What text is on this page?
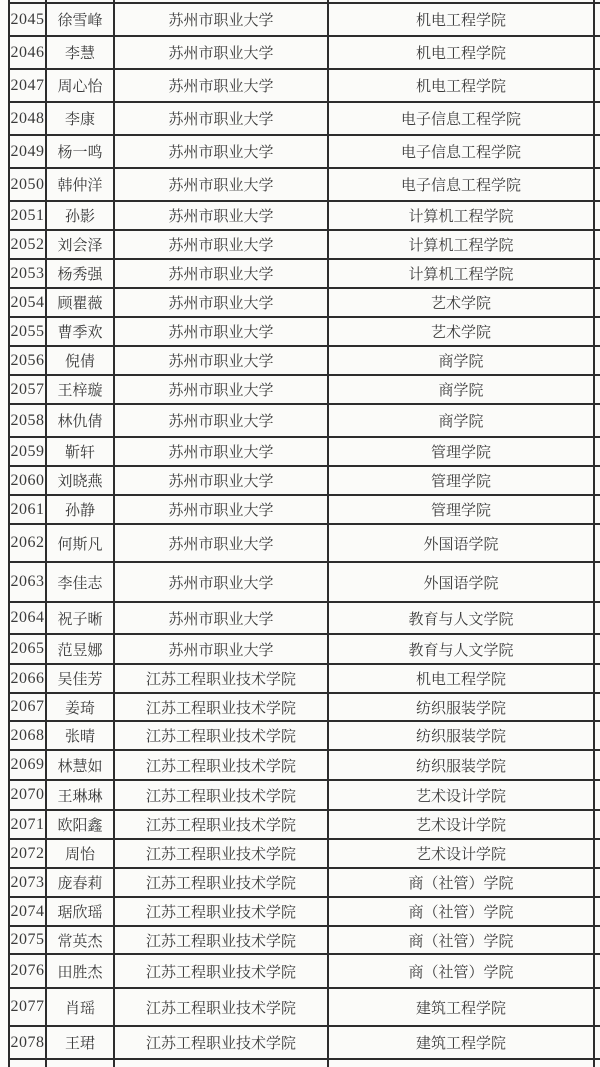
2045	徐雪峰	苏州市职业大学	机电工程学院	
2046	李慧	苏州市职业大学	机电工程学院	
2047	周心怡	苏州市职业大学	机电工程学院	
2048	李康	苏州市职业大学	电子信息工程学院	
2049	杨一鸣	苏州市职业大学	电子信息工程学院	
2050	韩仲洋	苏州市职业大学	电子信息工程学院	
2051	孙影	苏州市职业大学	计算机工程学院	
2052	刘会泽	苏州市职业大学	计算机工程学院	
2053	杨秀强	苏州市职业大学	计算机工程学院	
2054	顾瞿薇	苏州市职业大学	艺术学院	
2055	曹季欢	苏州市职业大学	艺术学院	
2056	倪倩	苏州市职业大学	商学院	
2057	王梓璇	苏州市职业大学	商学院	
2058	林仇倩	苏州市职业大学	商学院	
2059	靳轩	苏州市职业大学	管理学院	
2060	刘晓燕	苏州市职业大学	管理学院	
2061	孙静	苏州市职业大学	管理学院	
2062	何斯凡	苏州市职业大学	外国语学院	
2063	李佳志	苏州市职业大学	外国语学院	
2064	祝子晰	苏州市职业大学	教育与人文学院	
2065	范昱娜	苏州市职业大学	教育与人文学院	
2066	吴佳芳	江苏工程职业技术学院	机电工程学院	
2067	姜琦	江苏工程职业技术学院	纺织服装学院	
2068	张晴	江苏工程职业技术学院	纺织服装学院	
2069	林慧如	江苏工程职业技术学院	纺织服装学院	
2070	王琳琳	江苏工程职业技术学院	艺术设计学院	
2071	欧阳鑫	江苏工程职业技术学院	艺术设计学院	
2072	周怡	江苏工程职业技术学院	艺术设计学院	
2073	庞春莉	江苏工程职业技术学院	商（社管）学院	
2074	琚欣瑶	江苏工程职业技术学院	商（社管）学院	
2075	常英杰	江苏工程职业技术学院	商（社管）学院	
2076	田胜杰	江苏工程职业技术学院	商（社管）学院	
2077	肖瑶	江苏工程职业技术学院	建筑工程学院	
2078	王珺	江苏工程职业技术学院	建筑工程学院	
